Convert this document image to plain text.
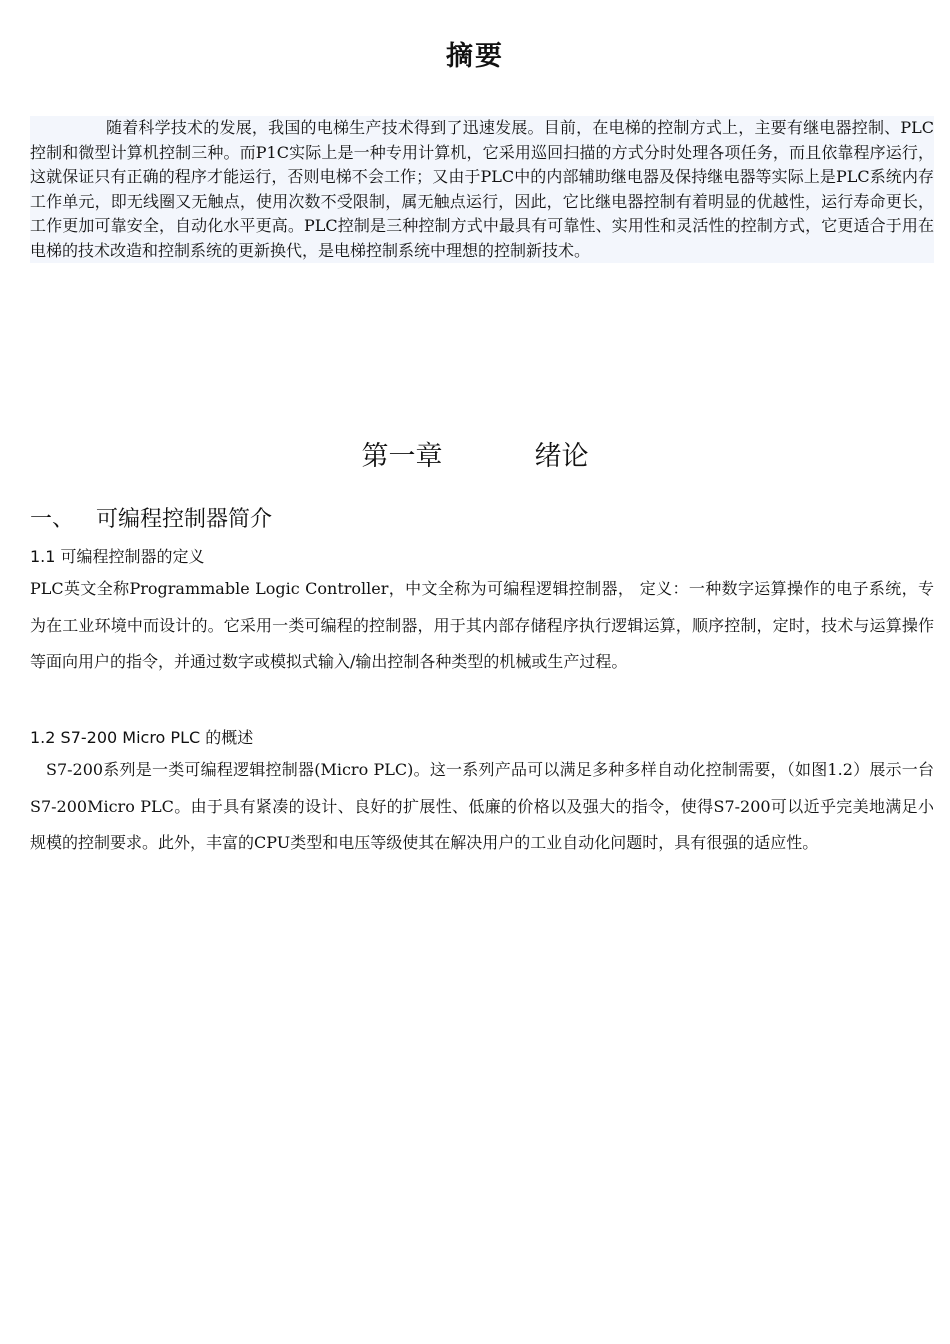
摘要

随着科学技术的发展，我国的电梯生产技术得到了迅速发展。目前，在电梯的控制方式上，主要有继电器控制、PLC控制和微型计算机控制三种。而P1C实际上是一种专用计算机，它采用巡回扫描的方式分时处理各项任务，而且依靠程序运行，这就保证只有正确的程序才能运行，否则电梯不会工作；又由于PLC中的内部辅助继电器及保持继电器等实际上是PLC系统内存工作单元，即无线圈又无触点，使用次数不受限制，属无触点运行，因此，它比继电器控制有着明显的优越性，运行寿命更长，工作更加可靠安全，自动化水平更高。PLC控制是三种控制方式中最具有可靠性、实用性和灵活性的控制方式，它更适合于用在电梯的技术改造和控制系统的更新换代，是电梯控制系统中理想的控制新技术。

第一章	绪论
一、 可编程控制器简介
1.1 可编程控制器的定义

PLC英文全称Programmable Logic Controller，中文全称为可编程逻辑控制器， 定义：一种数字运算操作的电子系统，专为在工业环境中而设计的。它采用一类可编程的控制器，用于其内部存储程序执行逻辑运算，顺序控制，定时，技术与运算操作等面向用户的指令，并通过数字或模拟式输入/输出控制各种类型的机械或生产过程。

1.2 S7-200 Micro PLC 的概述

S7-200系列是一类可编程逻辑控制器(Micro PLC)。这一系列产品可以满足多种多样自动化控制需要，（如图1.2）展示一台S7-200Micro PLC。由于具有紧凑的设计、良好的扩展性、低廉的价格以及强大的指令，使得S7-200可以近乎完美地满足小规模的控制要求。此外，丰富的CPU类型和电压等级使其在解决用户的工业自动化问题时，具有很强的适应性。
